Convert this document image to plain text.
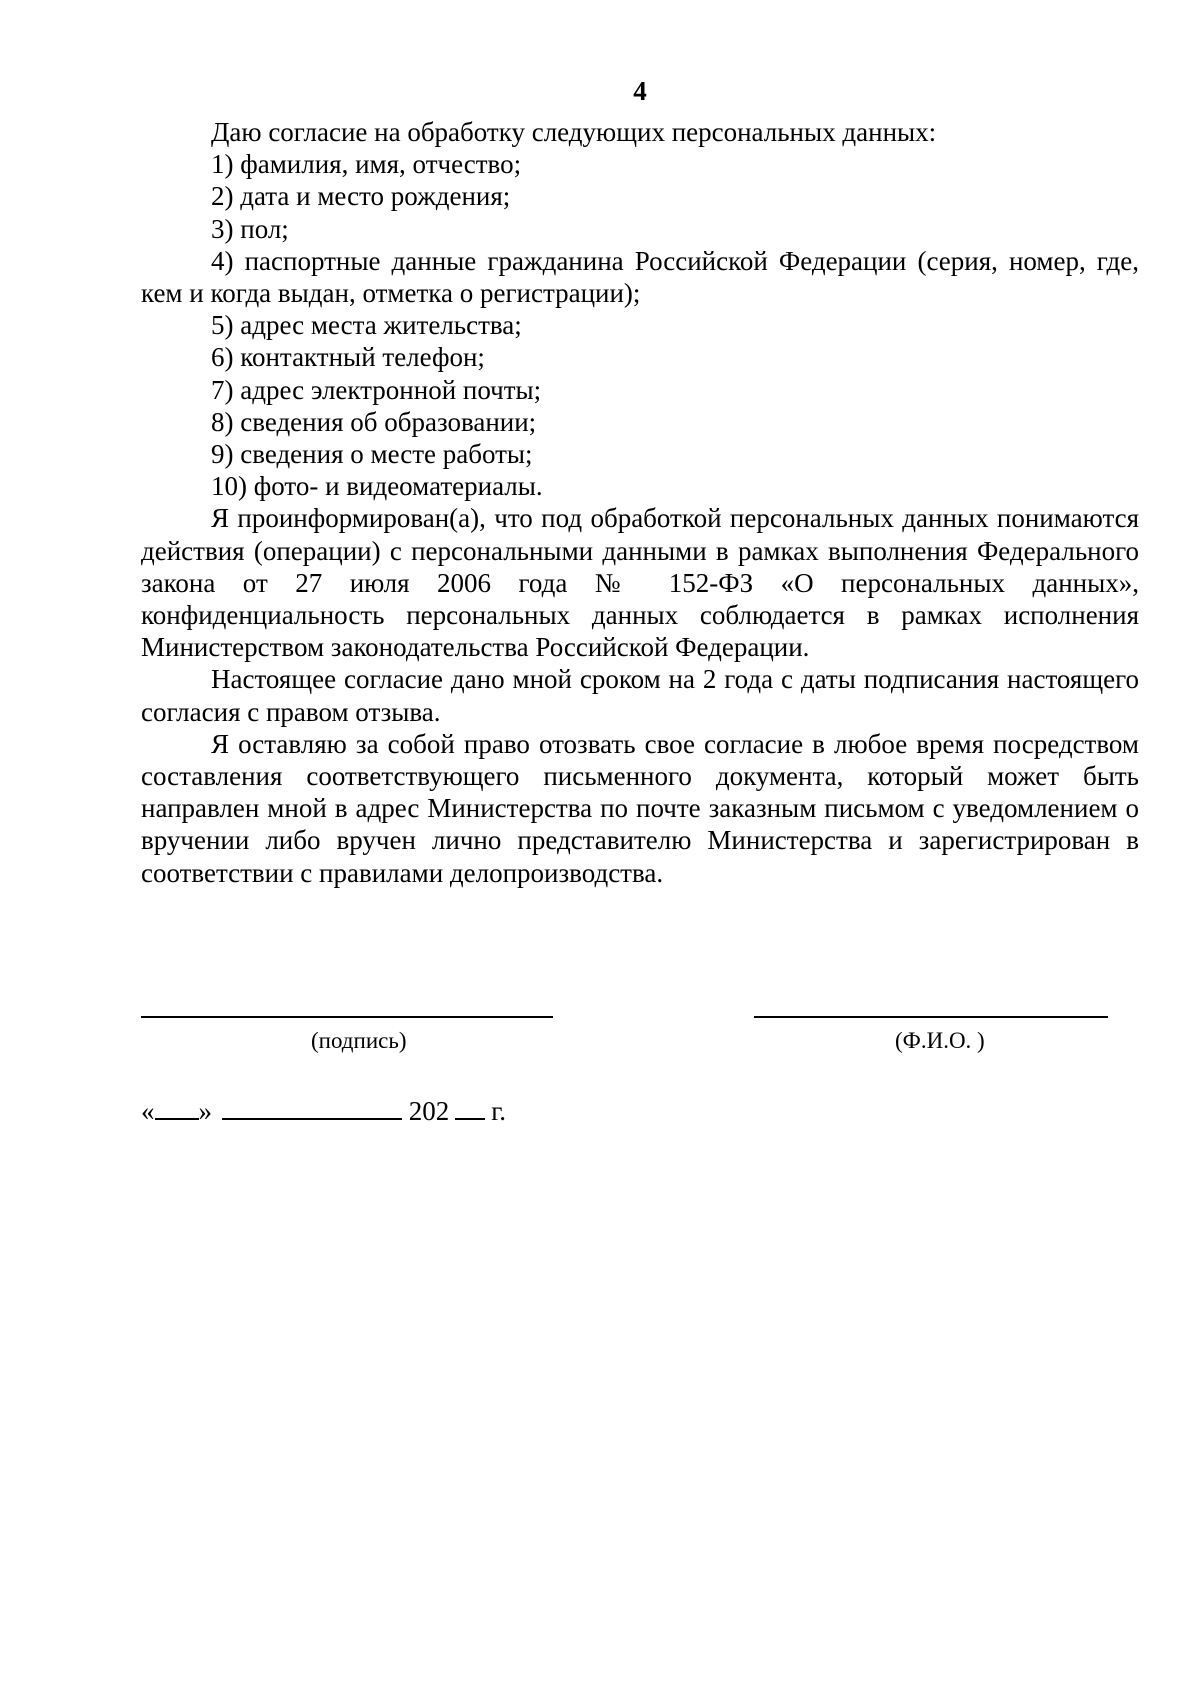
4

Даю согласие на обработку следующих персональных данных:

1) фамилия, имя, отчество;

2) дата и место рождения;

3) пол;

4) паспортные данные гражданина Российской Федерации (серия, номер, где, кем и когда выдан, отметка о регистрации);

5) адрес места жительства;

6) контактный телефон;

7) адрес электронной почты;

8) сведения об образовании;

9) сведения о месте работы;

10) фото- и видеоматериалы.

Я проинформирован(а), что под обработкой персональных данных понимаются действия (операции) с персональными данными в рамках выполнения Федерального закона от 27 июля 2006 года № 152-ФЗ «О персональных данных», конфиденциальность персональных данных соблюдается в рамках исполнения Министерством законодательства Российской Федерации.

Настоящее согласие дано мной сроком на 2 года с даты подписания настоящего согласия с правом отзыва.

Я оставляю за собой право отозвать свое согласие в любое время посредством составления соответствующего письменного документа, который может быть направлен мной в адрес Министерства по почте заказным письмом с уведомлением о вручении либо вручен лично представителю Министерства и зарегистрирован в соответствии с правилами делопроизводства.

(подпись)	(Ф.И.О. )
« »	202 г.
